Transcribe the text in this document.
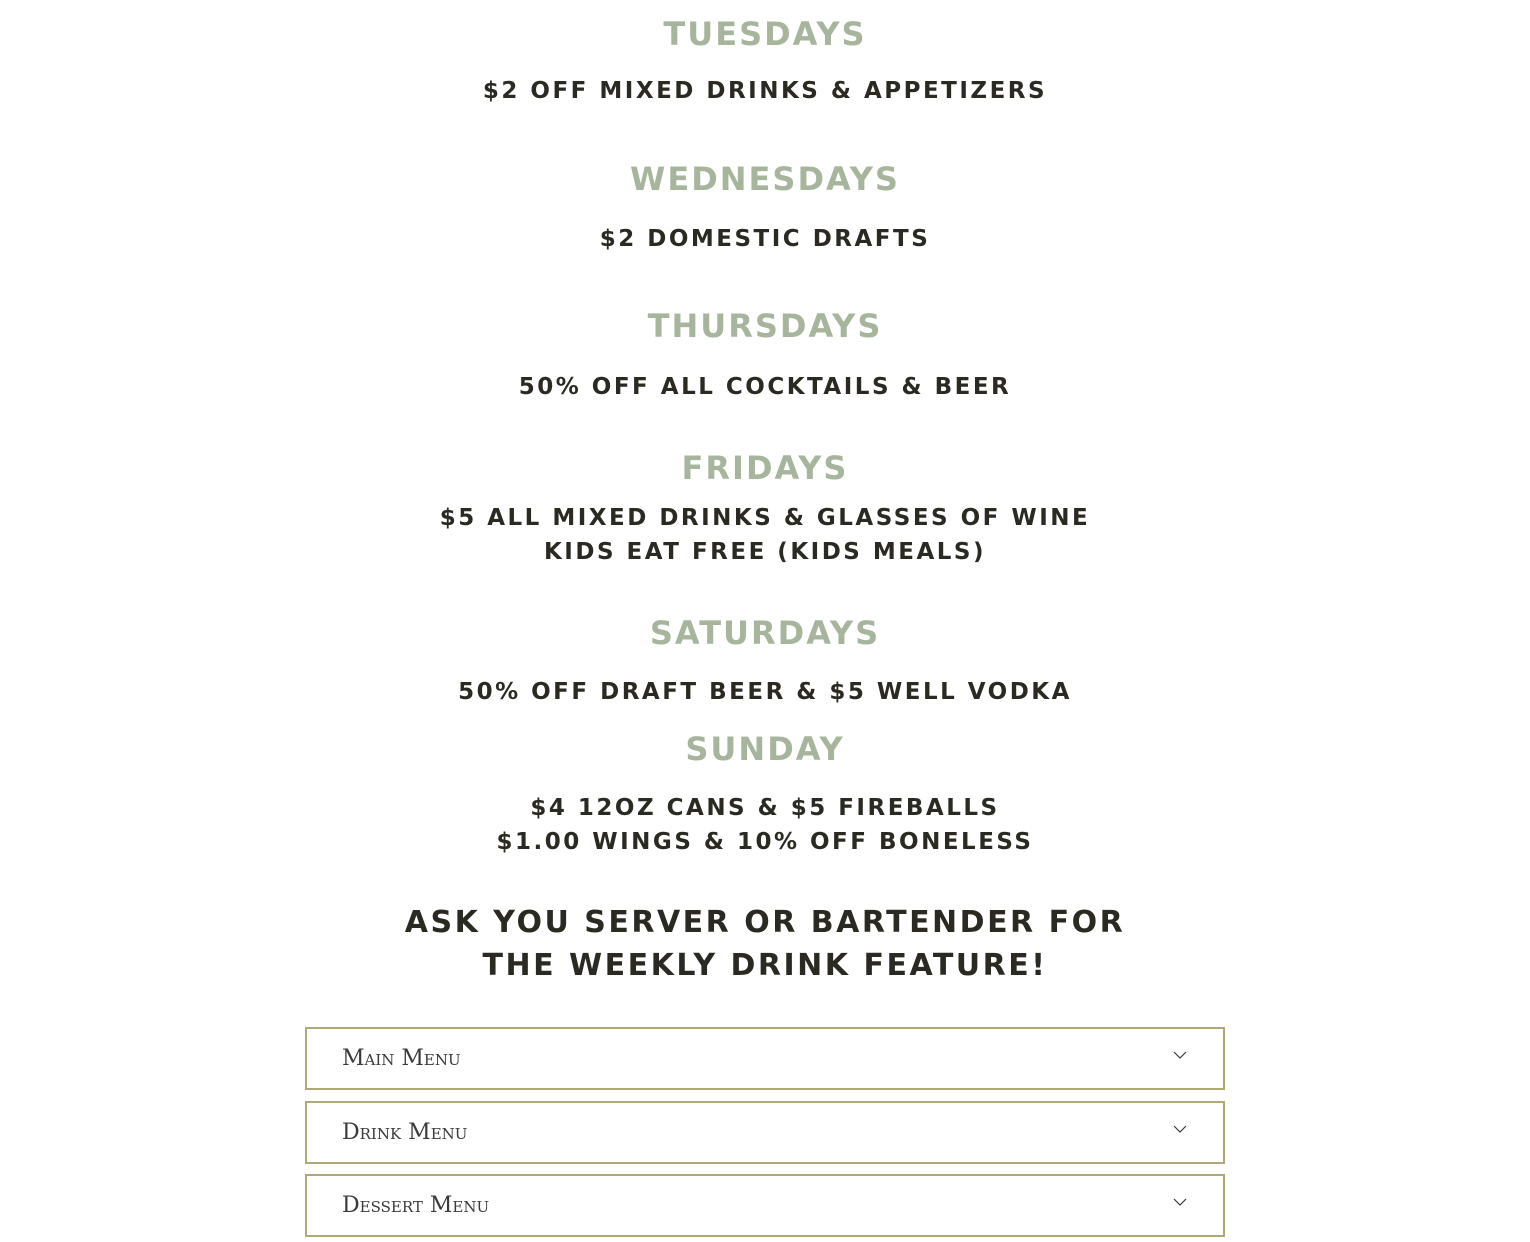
TUESDAYS
$2 OFF MIXED DRINKS & APPETIZERS
WEDNESDAYS
$2 DOMESTIC DRAFTS
THURSDAYS
50% OFF ALL COCKTAILS & BEER
FRIDAYS
$5 ALL MIXED DRINKS & GLASSES OF WINE
KIDS EAT FREE (KIDS MEALS)
SATURDAYS
50% OFF DRAFT BEER & $5 WELL VODKA
SUNDAY
$4 12OZ CANS & $5 FIREBALLS
$1.00 WINGS & 10% OFF BONELESS
ASK YOU SERVER OR BARTENDER FOR
THE WEEKLY DRINK FEATURE!
Main Menu
Drink Menu
Dessert Menu
